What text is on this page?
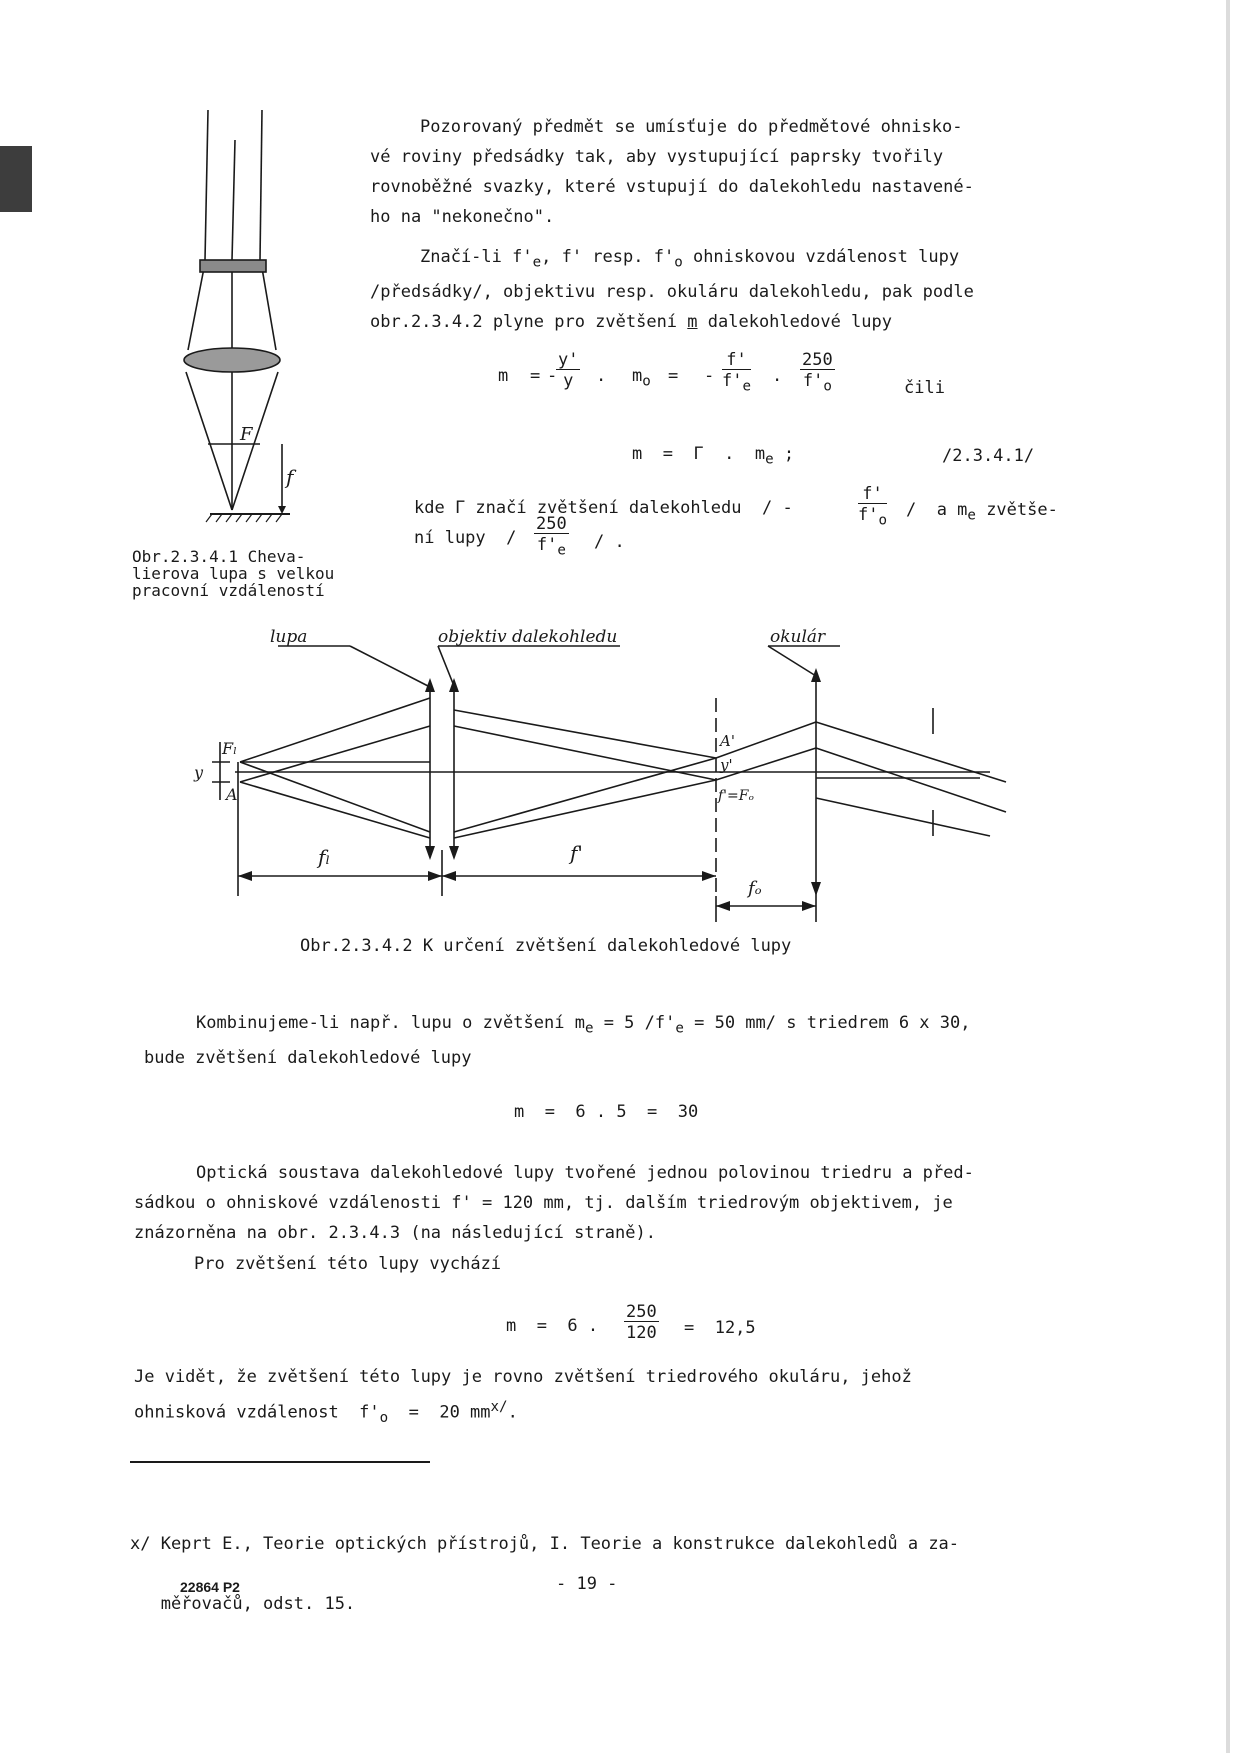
Pozorovaný předmět se umísťuje do předmětové ohnisko-
vé roviny předsádky tak, aby vystupující paprsky tvořily
rovnoběžné svazky, které vstupují do dalekohledu nastavené-
ho na "nekonečno".
Značí-li $f'_e$, f' resp. $f'_o$ ohniskovou vzdálenost lupy
/předsádky/, objektivu resp. okuláru dalekohledu, pak podle
obr.2.3.4.2 plyne pro zvětšení m dalekohledové lupy
m = -
$\frac{y'}{y}$ . $m_o$ = - $\frac{f'}{f'_e}$ . $\frac{250}{f'_o}$	čili
m  =  Γ  .  $m_e$ ;	/2.3.4.1/
kde Γ značí zvětšení dalekohledu  / -	$\frac{f'}{f'_o}$ /  a $m_e$ zvětše-
ní lupy  / $\frac{250}{f'_e}$ / .
F
f
Obr.2.3.4.1 Cheva-
lierova lupa s velkou
pracovní vzdáleností
lupa	objektiv dalekohledu	okulár
Fₗ
y
A
A'
y'
f'=Fₒ
fₗ	f'
fₒ
Obr.2.3.4.2 K určení zvětšení dalekohledové lupy
Kombinujeme-li např. lupu o zvětšení $m_e = 5$ $/f'_e = 50$ mm/ s triedrem 6 x 30,
bude zvětšení dalekohledové lupy
m  =  6 . 5  =  30
Optická soustava dalekohledové lupy tvořené jednou polovinou triedru a před-
sádkou o ohniskové vzdálenosti f' = 120 mm, tj. dalším triedrovým objektivem, je
znázorněna na obr. 2.3.4.3 (na následující straně).
Pro zvětšení této lupy vychází
m  =  6 . $\frac{250}{120} = 12,5$
Je vidět, že zvětšení této lupy je rovno zvětšení triedrového okuláru, jehož
ohnisková vzdálenost  $f'_o = 20$ $mm^{x/}$.

x/ Keprt E., Teorie optických přístrojů, I. Teorie a konstrukce dalekohledů a za-

měřovačů, odst. 15.

22864 P2	- 19 -
